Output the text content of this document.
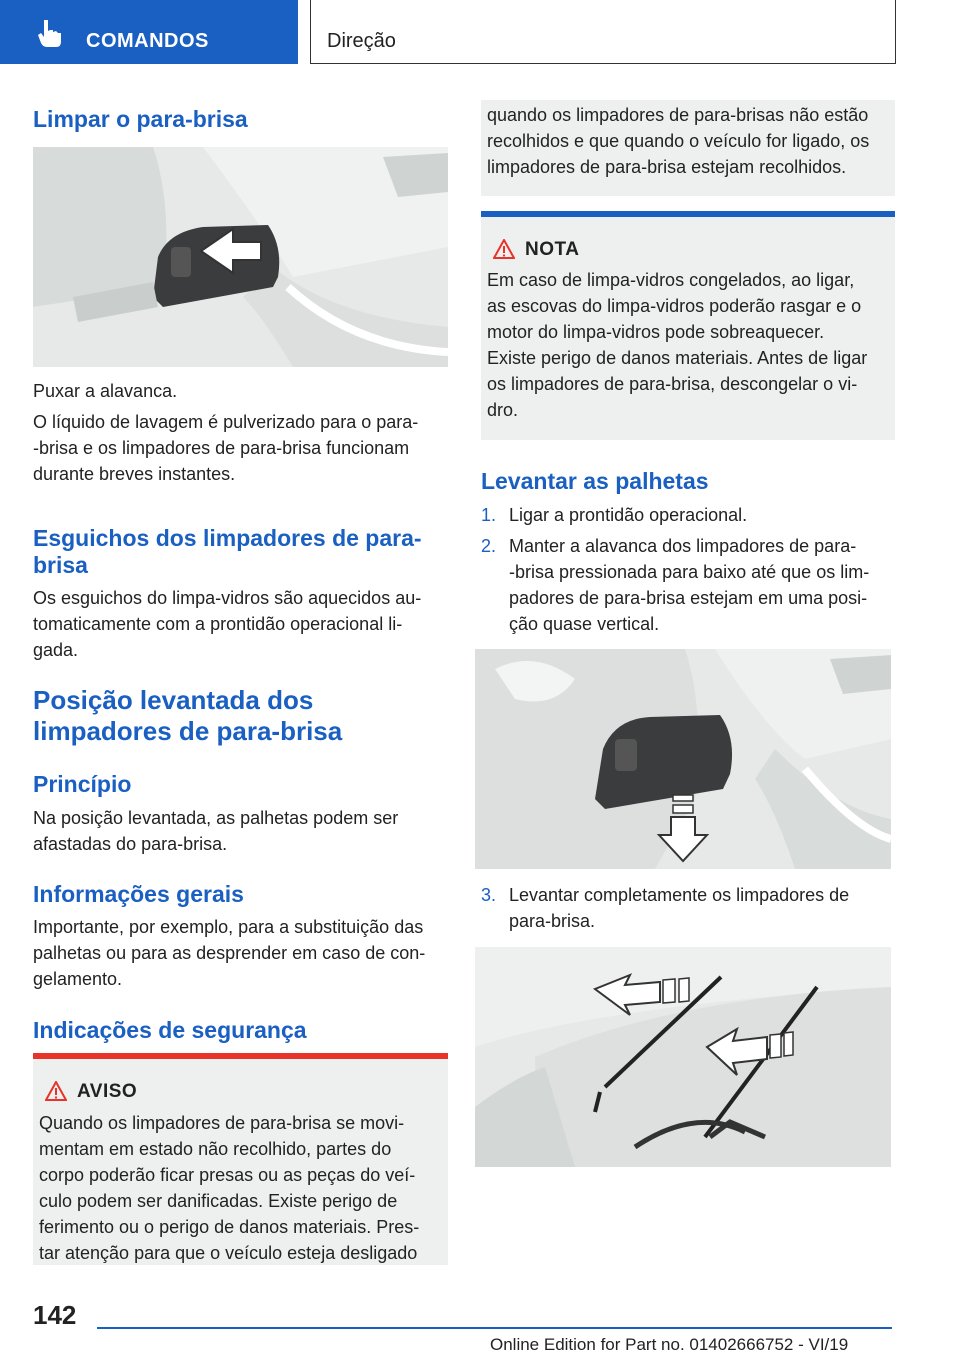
COMANDOS	Direção
Limpar o para-brisa

Puxar a alavanca.

O líquido de lavagem é pulverizado para o para-

-brisa e os limpadores de para-brisa funcionam

durante breves instantes.

Esguichos dos limpadores de para-
brisa

Os esguichos do limpa-vidros são aquecidos au-

tomaticamente com a prontidão operacional li-

gada.

Posição levantada dos
limpadores de para-brisa
Princípio

Na posição levantada, as palhetas podem ser

afastadas do para-brisa.

Informações gerais

Importante, por exemplo, para a substituição das

palhetas ou para as desprender em caso de con-

gelamento.

Indicações de segurança
AVISO
Quando os limpadores de para-brisa se movi-
mentam em estado não recolhido, partes do
corpo poderão ficar presas ou as peças do veí-
culo podem ser danificadas. Existe perigo de
ferimento ou o perigo de danos materiais. Pres-
tar atenção para que o veículo esteja desligado
quando os limpadores de para-brisas não estão
recolhidos e que quando o veículo for ligado, os
limpadores de para-brisa estejam recolhidos.
NOTA
Em caso de limpa-vidros congelados, ao ligar,
as escovas do limpa-vidros poderão rasgar e o
motor do limpa-vidros pode sobreaquecer.
Existe perigo de danos materiais. Antes de ligar
os limpadores de para-brisa, descongelar o vi-
dro.
Levantar as palhetas

1. Ligar a prontidão operacional.

2. Manter a alavanca dos limpadores de para-

-brisa pressionada para baixo até que os lim-

padores de para-brisa estejam em uma posi-

ção quase vertical.

3. Levantar completamente os limpadores de

para-brisa.

142
Online Edition for Part no. 01402666752 - VI/19
